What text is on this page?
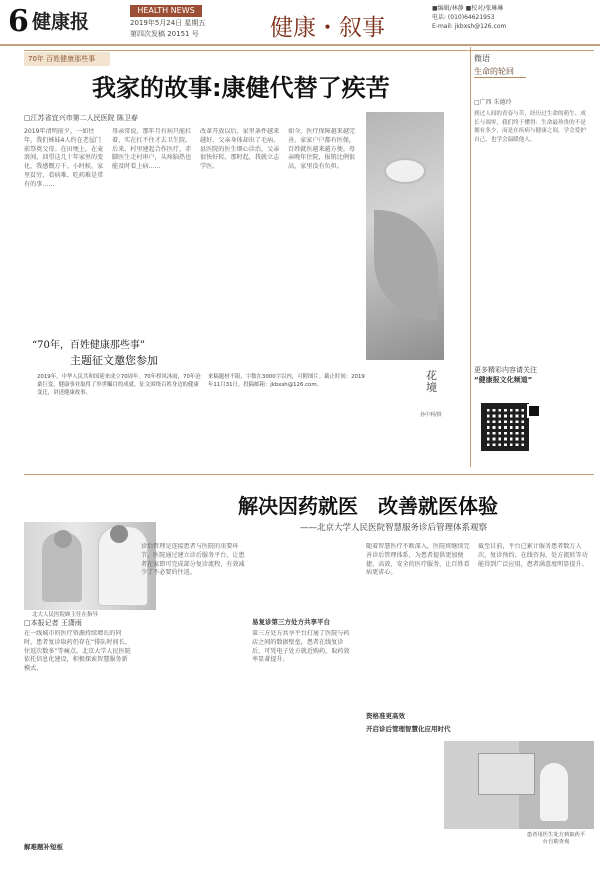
6 健康报
HEALTH NEWS
2019年5月24日 星期五
第四次发稿 20151 号	健康・叙事
■编辑/林静 ■校对/张琳琳
电话: (010)64621953
E-mail: jkbxsh@126.com
70年 百姓健康那些事
我家的故事:康健代替了疾苦
□江苏省宜兴市第二人民医院 陈卫春
2019年清明前夕，一如往年，我们姊妹4人约在老屋门前祭奠父母。在田埂上，在麦浪间，回望这几十年家里的变化，我感慨万千。小时候，家里贫穷，看病难、吃药难是常有的事……
母亲常说，那年月有病只能扛着，实在扛不住才去卫生院。后来，村里建起合作医疗，赤脚医生走村串户，头疼脑热也能及时看上病……
改革开放以后，家里条件越来越好，父亲身体却出了毛病。县医院的医生细心诊治，父亲很快好转。那时起，我就立志学医。
如今，医疗保障越来越完善，家家户户都有医保，百姓就医越来越方便。母亲晚年住院，报销比例很高，家里没有负担。
花 境
孙中利/摄
微语
生命的轮回
□广西 朱德玲
到过人间的青春与苦，经历过生命的萌生、成长与凋零，我们终于懂得：生命最珍贵的不是拥有多少，而是在疾病与健康之间，学会爱护自己，也学会温暖他人。
更多精彩内容请关注
“健康报文化频道”
“70年，百姓健康那些事”
主题征文邀您参加
2019年，中华人民共和国迎来成立70周年。70年栉风沐雨，70年沧桑巨变，健康事业取得了举世瞩目的成就。征文围绕百姓身边的健康变迁，讲述健康故事。
来稿题材不限，字数在3000字以内，可附图片。截止时间：2019年11月31日。投稿邮箱：jkbxsh@126.com。
解决因药就医　改善就医体验
——北京大学人民医院智慧服务诊后管理体系观察
北大人民医院顾主任在指导
□本报记者 王潇雨
在一线城市的医疗资源持续增长的同时，患者复诊取药仍存在“排队时间长、往返次数多”等痛点。北京大学人民医院依托信息化建设，积极探索智慧服务新模式。
解难题补短板
诊后管理是连接患者与医院的重要环节。医院通过建立诊后服务平台，让患者在家即可完成部分复诊流程，有效减少了不必要的往返。
易复诊第三方处方共享平台
第三方处方共享平台打通了医院与药店之间的数据壁垒，患者在线复诊后，可凭电子处方就近购药，取药效率显著提升。
资格准更高效
开启诊后管理智慧化应用时代
随着智慧医疗不断深入，医院将继续完善诊后管理体系，为患者提供更加便捷、高效、安全的医疗服务，让百姓看病更省心。
截至目前，平台已累计服务患者数万人次，复诊预约、在线咨询、处方流转等功能得到广泛应用，患者满意度明显提升。
患者用医生处方到取药平台自助查询
